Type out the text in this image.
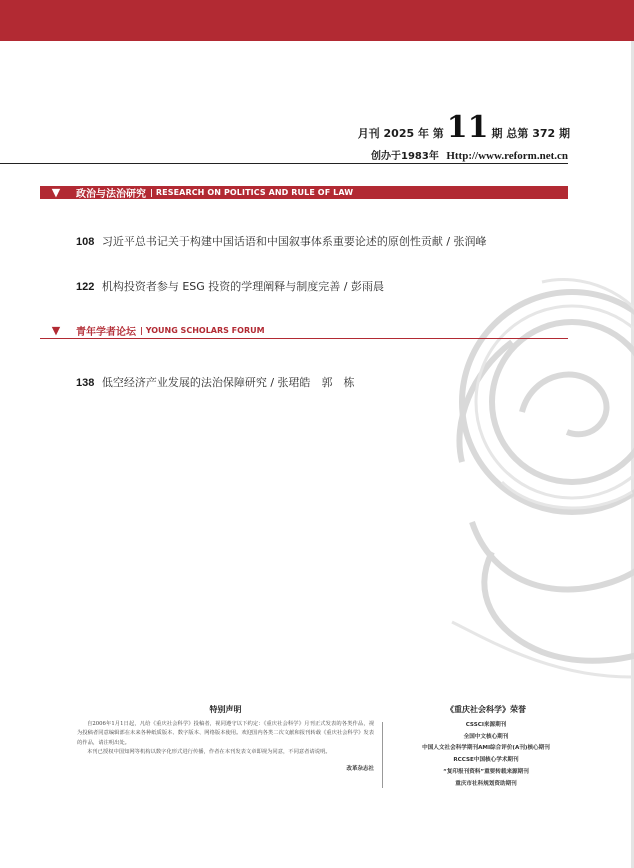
月刊 2025 年 第 11 期 总第 372 期
创办于1983年 Http://www.reform.net.cn
▼	政治与法治研究 | RESEARCH ON POLITICS AND RULE OF LAW
108 习近平总书记关于构建中国话语和中国叙事体系重要论述的原创性贡献 / 张润峰
122 机构投资者参与 ESG 投资的学理阐释与制度完善 / 彭雨晨
▼	青年学者论坛 | YOUNG SCHOLARS FORUM
138 低空经济产业发展的法治保障研究 / 张珺皓　郭　栋
特别声明

自2006年1月1日起，凡给《重庆社会科学》投稿者，视同遵守以下约定：《重庆社会科学》月刊正式发表的各类作品，视为投稿者同意编辑部在未来各种纸质版本、数字版本、网络版本使用。欢迎国内各类二次文献和报刊转载《重庆社会科学》发表的作品，请注明出处。

本刊已授权中国知网等机构以数字化形式进行传播，作者在本刊发表文章即视为同意，不同意者请说明。

改革杂志社
《重庆社会科学》荣誉
CSSCI来源期刊
全国中文核心期刊
中国人文社会科学期刊AMI综合评价(A刊)核心期刊
RCCSE中国核心学术期刊
“复印报刊资料”重要转载来源期刊
重庆市社科规划资助期刊
